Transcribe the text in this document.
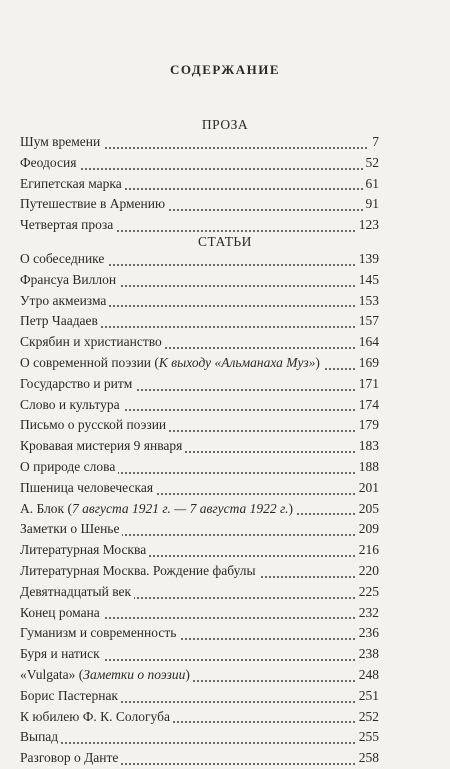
СОДЕРЖАНИЕ
ПРОЗА
Шум времени	7
Феодосия	52
Египетская марка	61
Путешествие в Армению	91
Четвертая проза	123
СТАТЬИ
О собеседнике	139
Франсуа Виллон	145
Утро акмеизма	153
Петр Чаадаев	157
Скрябин и христианство	164
О современной поэзии (К выходу «Альманаха Муз»)	169
Государство и ритм	171
Слово и культура	174
Письмо о русской поэзии	179
Кровавая мистерия 9 января	183
О природе слова	188
Пшеница человеческая	201
А. Блок (7 августа 1921 г. — 7 августа 1922 г.)	205
Заметки о Шенье	209
Литературная Москва	216
Литературная Москва. Рождение фабулы	220
Девятнадцатый век	225
Конец романа	232
Гуманизм и современность	236
Буря и натиск	238
«Vulgata» (Заметки о поэзии)	248
Борис Пастернак	251
К юбилею Ф. К. Сологуба	252
Выпад	255
Разговор о Данте	258
